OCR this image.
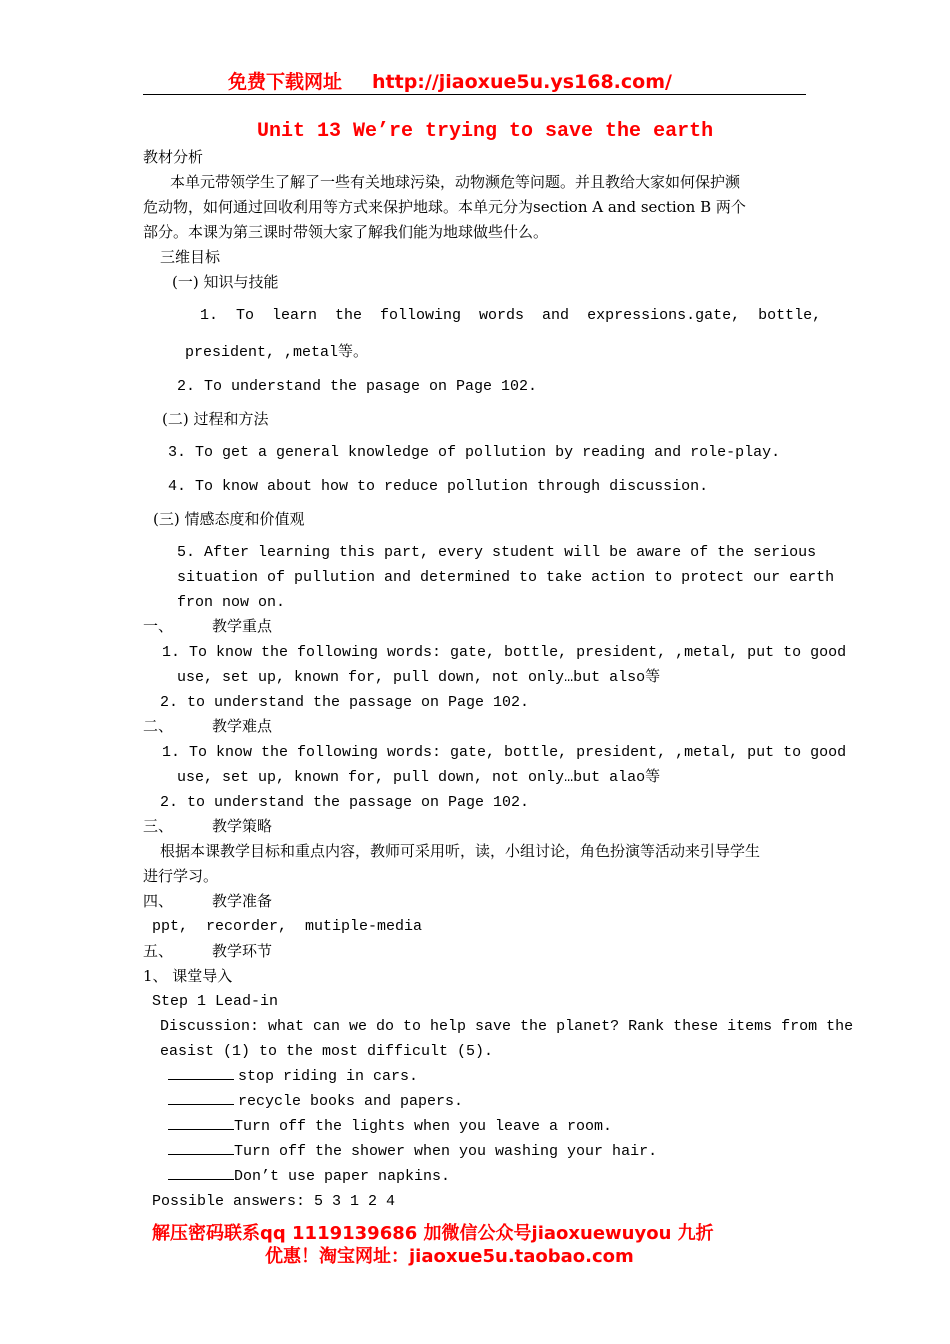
免费下载网址 http://jiaoxue5u.ys168.com/
Unit 13 We’re trying to save the earth
教材分析
本单元带领学生了解了一些有关地球污染，动物濒危等问题。并且教给大家如何保护濒
危动物，如何通过回收利用等方式来保护地球。本单元分为section A and section B 两个
部分。本课为第三课时带领大家了解我们能为地球做些什么。
三维目标
(一) 知识与技能
1.  To  learn  the  following  words  and  expressions.gate,  bottle,
president, ,metal等。
2. To understand the pasage on Page 102.
(二) 过程和方法
3. To get a general knowledge of pollution by reading and role-play.
4. To know about how to reduce pollution through discussion.
(三) 情感态度和价值观
5. After learning this part, every student will be aware of the serious
situation of pullution and determined to take action to protect our earth
fron now on.
一、	教学重点
1. To know the following words: gate, bottle, president, ,metal, put to good
use, set up, known for, pull down, not only…but also等
2. to understand the passage on Page 102.
二、	教学难点
1. To know the following words: gate, bottle, president, ,metal, put to good
use, set up, known for, pull down, not only…but alao等
2. to understand the passage on Page 102.
三、	教学策略
根据本课教学目标和重点内容，教师可采用听，读，小组讨论，角色扮演等活动来引导学生
进行学习。
四、	教学准备
ppt,  recorder,  mutiple-media
五、	教学环节
1、 课堂导入
Step 1 Lead-in
Discussion: what can we do to help save the planet? Rank these items from the
easist (1) to the most difficult (5).
stop riding in cars.
recycle books and papers.
Turn off the lights when you leave a room.
Turn off the shower when you washing your hair.
Don’t use paper napkins.
Possible answers: 5 3 1 2 4
解压密码联系qq 1119139686 加微信公众号jiaoxuewuyou 九折
优惠！淘宝网址：jiaoxue5u.taobao.com
